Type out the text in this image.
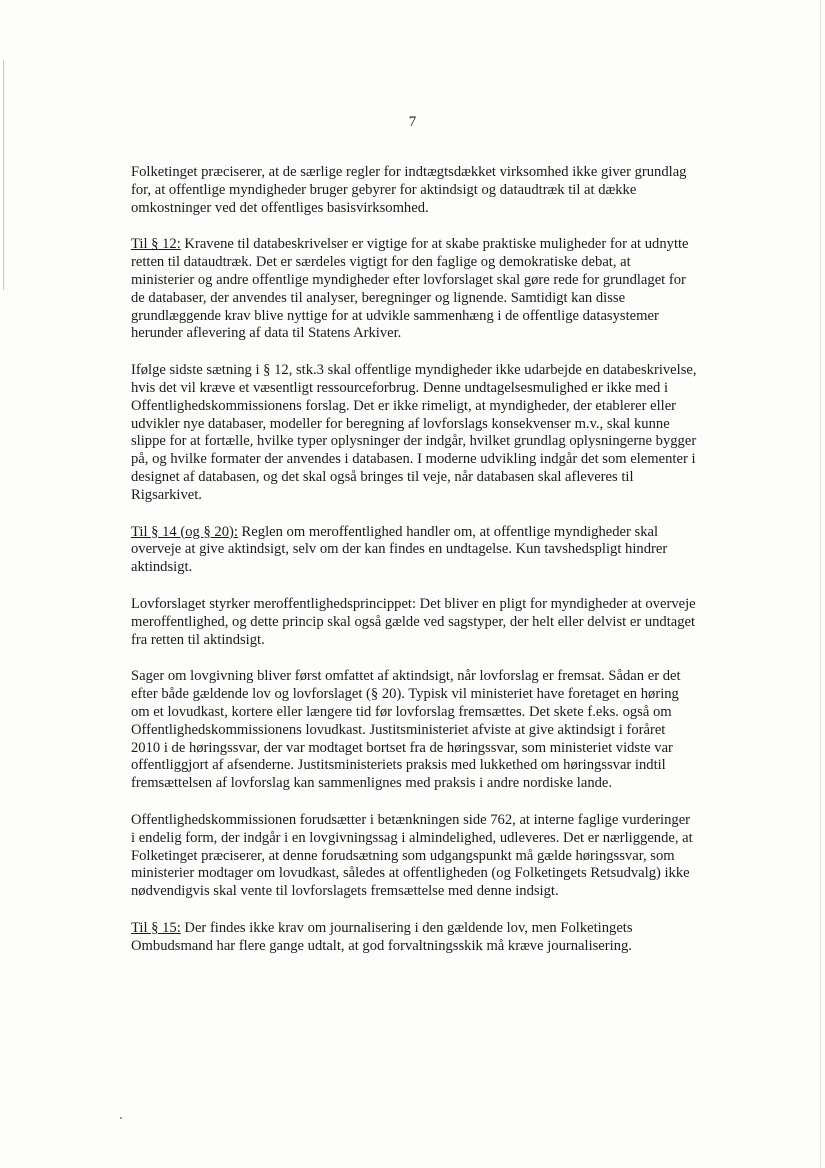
7

Folketinget præciserer, at de særlige regler for indtægtsdækket virksomhed ikke giver grundlag for, at offentlige myndigheder bruger gebyrer for aktindsigt og dataudtræk til at dække omkostninger ved det offentliges basisvirksomhed.

Til § 12: Kravene til databeskrivelser er vigtige for at skabe praktiske muligheder for at udnytte retten til dataudtræk. Det er særdeles vigtigt for den faglige og demokratiske debat, at ministerier og andre offentlige myndigheder efter lovforslaget skal gøre rede for grundlaget for de databaser, der anvendes til analyser, beregninger og lignende. Samtidigt kan disse grundlæggende krav blive nyttige for at udvikle sammenhæng i de offentlige datasystemer herunder aflevering af data til Statens Arkiver.

Ifølge sidste sætning i § 12, stk.3 skal offentlige myndigheder ikke udarbejde en databeskrivelse, hvis det vil kræve et væsentligt ressourceforbrug. Denne undtagelsesmulighed er ikke med i Offentlighedskommissionens forslag. Det er ikke rimeligt, at myndigheder, der etablerer eller udvikler nye databaser, modeller for beregning af lovforslags konsekvenser m.v., skal kunne slippe for at fortælle, hvilke typer oplysninger der indgår, hvilket grundlag oplysningerne bygger på, og hvilke formater der anvendes i databasen. I moderne udvikling indgår det som elementer i designet af databasen, og det skal også bringes til veje, når databasen skal afleveres til Rigsarkivet.

Til § 14 (og § 20): Reglen om meroffentlighed handler om, at offentlige myndigheder skal overveje at give aktindsigt, selv om der kan findes en undtagelse. Kun tavshedspligt hindrer aktindsigt.

Lovforslaget styrker meroffentlighedsprincippet: Det bliver en pligt for myndigheder at overveje meroffentlighed, og dette princip skal også gælde ved sagstyper, der helt eller delvist er undtaget fra retten til aktindsigt.

Sager om lovgivning bliver først omfattet af aktindsigt, når lovforslag er fremsat. Sådan er det efter både gældende lov og lovforslaget (§ 20). Typisk vil ministeriet have foretaget en høring om et lovudkast, kortere eller længere tid før lovforslag fremsættes. Det skete f.eks. også om Offentlighedskommissionens lovudkast. Justitsministeriet afviste at give aktindsigt i foråret 2010 i de høringssvar, der var modtaget bortset fra de høringssvar, som ministeriet vidste var offentliggjort af afsenderne. Justitsministeriets praksis med lukkethed om høringssvar indtil fremsættelsen af lovforslag kan sammenlignes med praksis i andre nordiske lande.

Offentlighedskommissionen forudsætter i betænkningen side 762, at interne faglige vurderinger i endelig form, der indgår i en lovgivningssag i almindelighed, udleveres. Det er nærliggende, at Folketinget præciserer, at denne forudsætning som udgangspunkt må gælde høringssvar, som ministerier modtager om lovudkast, således at offentligheden (og Folketingets Retsudvalg) ikke nødvendigvis skal vente til lovforslagets fremsættelse med denne indsigt.

Til § 15: Der findes ikke krav om journalisering i den gældende lov, men Folketingets Ombudsmand har flere gange udtalt, at god forvaltningsskik må kræve journalisering.
